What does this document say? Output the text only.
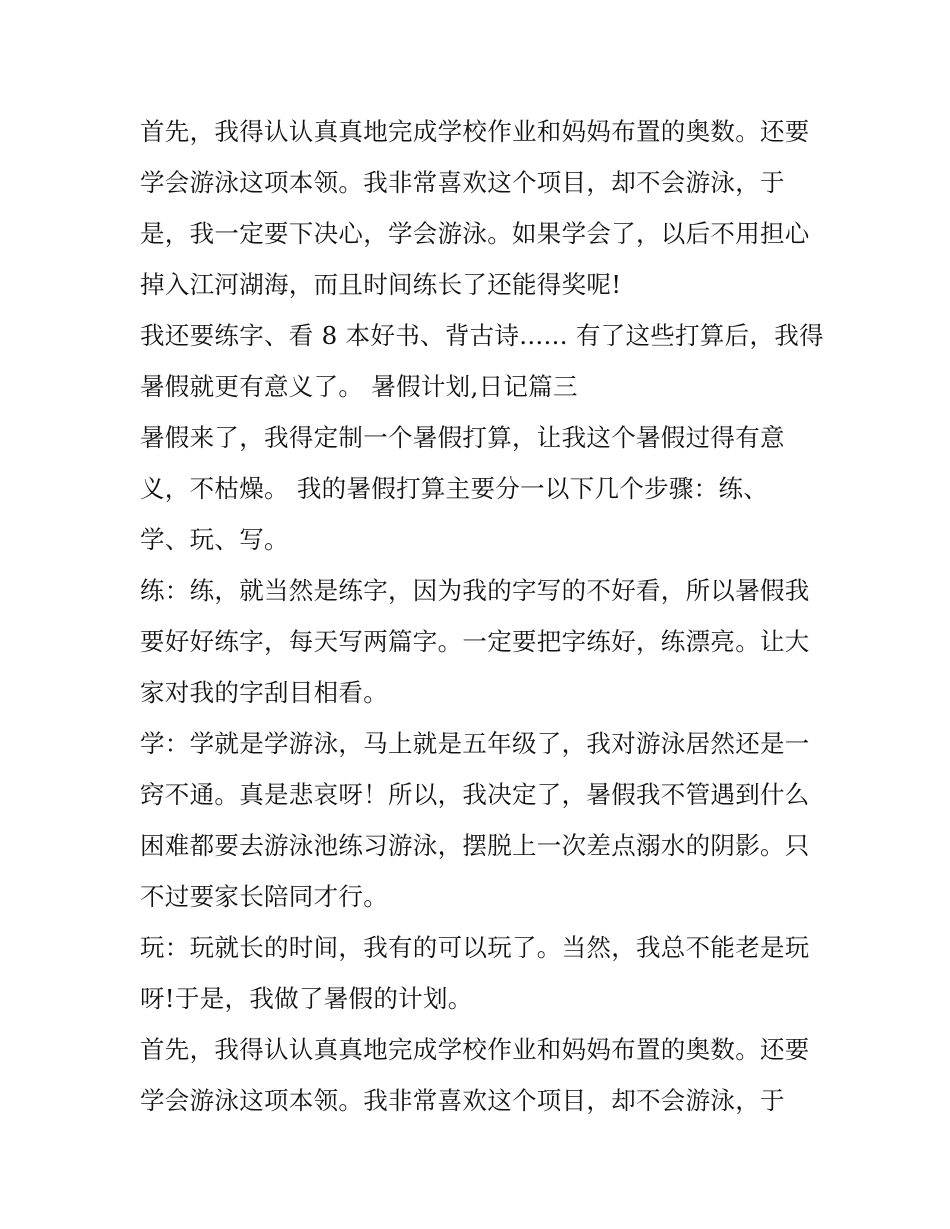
首先，我得认认真真地完成学校作业和妈妈布置的奥数。还要
学会游泳这项本领。我非常喜欢这个项目，却不会游泳，于
是，我一定要下决心，学会游泳。如果学会了，以后不用担心
掉入江河湖海，而且时间练长了还能得奖呢!
我还要练字、看 8 本好书、背古诗...... 有了这些打算后，我得
暑假就更有意义了。 暑假计划,日记篇三
暑假来了，我得定制一个暑假打算，让我这个暑假过得有意
义，不枯燥。 我的暑假打算主要分一以下几个步骤：练、
学、玩、写。
练：练，就当然是练字，因为我的字写的不好看，所以暑假我
要好好练字，每天写两篇字。一定要把字练好，练漂亮。让大
家对我的字刮目相看。
学：学就是学游泳，马上就是五年级了，我对游泳居然还是一
窍不通。真是悲哀呀！所以，我决定了，暑假我不管遇到什么
困难都要去游泳池练习游泳，摆脱上一次差点溺水的阴影。只
不过要家长陪同才行。
玩：玩就长的时间，我有的可以玩了。当然，我总不能老是玩
呀!于是，我做了暑假的计划。
首先，我得认认真真地完成学校作业和妈妈布置的奥数。还要
学会游泳这项本领。我非常喜欢这个项目，却不会游泳，于
